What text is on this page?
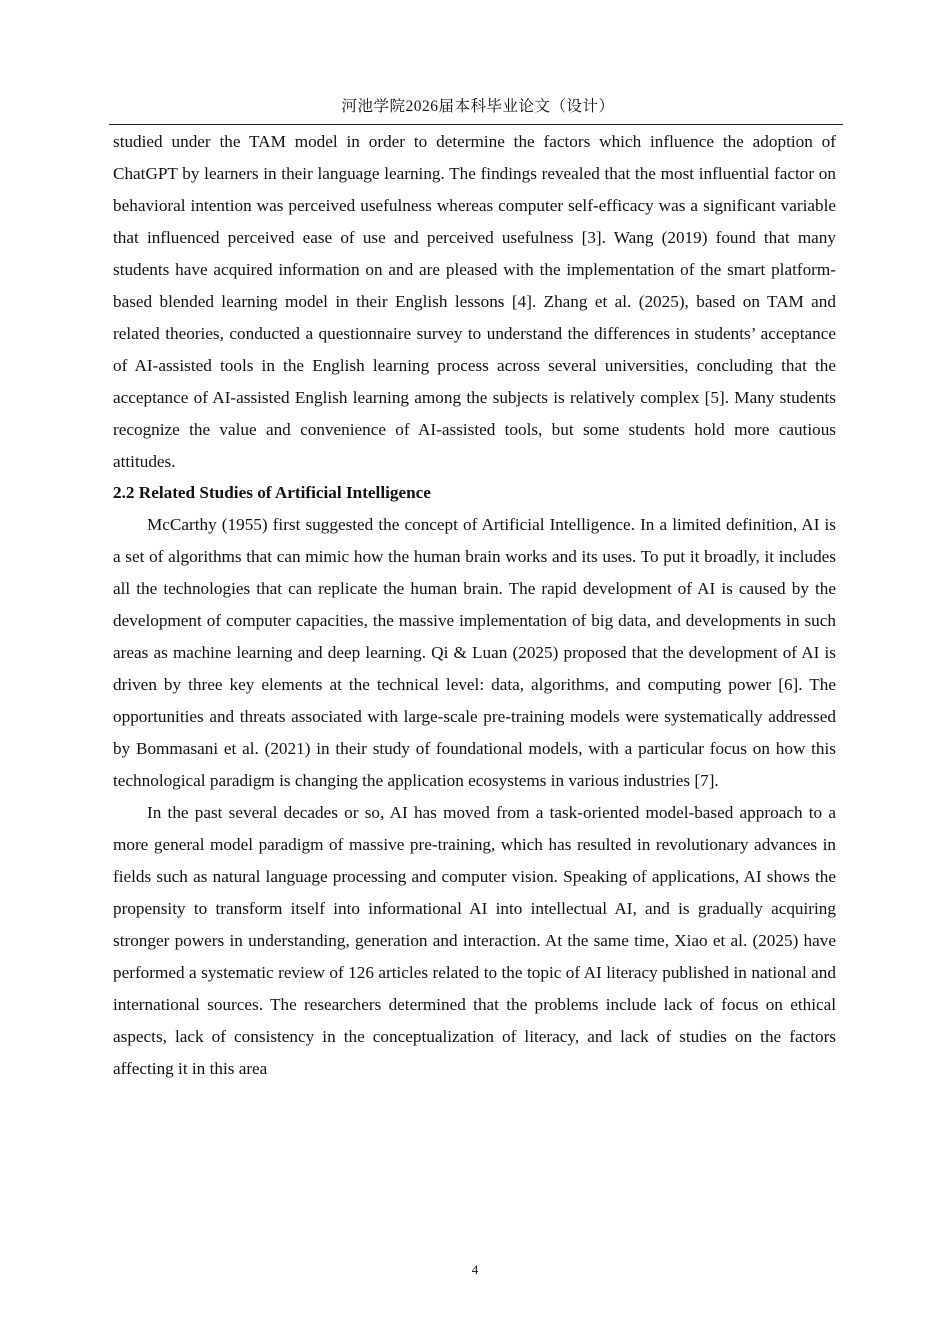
河池学院2026届本科毕业论文（设计）

studied under the TAM model in order to determine the factors which influence the adoption of ChatGPT by learners in their language learning. The findings revealed that the most influential factor on behavioral intention was perceived usefulness whereas computer self-efficacy was a significant variable that influenced perceived ease of use and perceived usefulness [3]. Wang (2019) found that many students have acquired information on and are pleased with the implementation of the smart platform-based blended learning model in their English lessons [4]. Zhang et al. (2025), based on TAM and related theories, conducted a questionnaire survey to understand the differences in students’ acceptance of AI-assisted tools in the English learning process across several universities, concluding that the acceptance of AI-assisted English learning among the subjects is relatively complex [5]. Many students recognize the value and convenience of AI-assisted tools, but some students hold more cautious attitudes.

2.2 Related Studies of Artificial Intelligence

McCarthy (1955) first suggested the concept of Artificial Intelligence. In a limited definition, AI is a set of algorithms that can mimic how the human brain works and its uses. To put it broadly, it includes all the technologies that can replicate the human brain. The rapid development of AI is caused by the development of computer capacities, the massive implementation of big data, and developments in such areas as machine learning and deep learning. Qi & Luan (2025) proposed that the development of AI is driven by three key elements at the technical level: data, algorithms, and computing power [6]. The opportunities and threats associated with large-scale pre-training models were systematically addressed by Bommasani et al. (2021) in their study of foundational models, with a particular focus on how this technological paradigm is changing the application ecosystems in various industries [7].

In the past several decades or so, AI has moved from a task-oriented model-based approach to a more general model paradigm of massive pre-training, which has resulted in revolutionary advances in fields such as natural language processing and computer vision. Speaking of applications, AI shows the propensity to transform itself into informational AI into intellectual AI, and is gradually acquiring stronger powers in understanding, generation and interaction. At the same time, Xiao et al. (2025) have performed a systematic review of 126 articles related to the topic of AI literacy published in national and international sources. The researchers determined that the problems include lack of focus on ethical aspects, lack of consistency in the conceptualization of literacy, and lack of studies on the factors affecting it in this area

4
